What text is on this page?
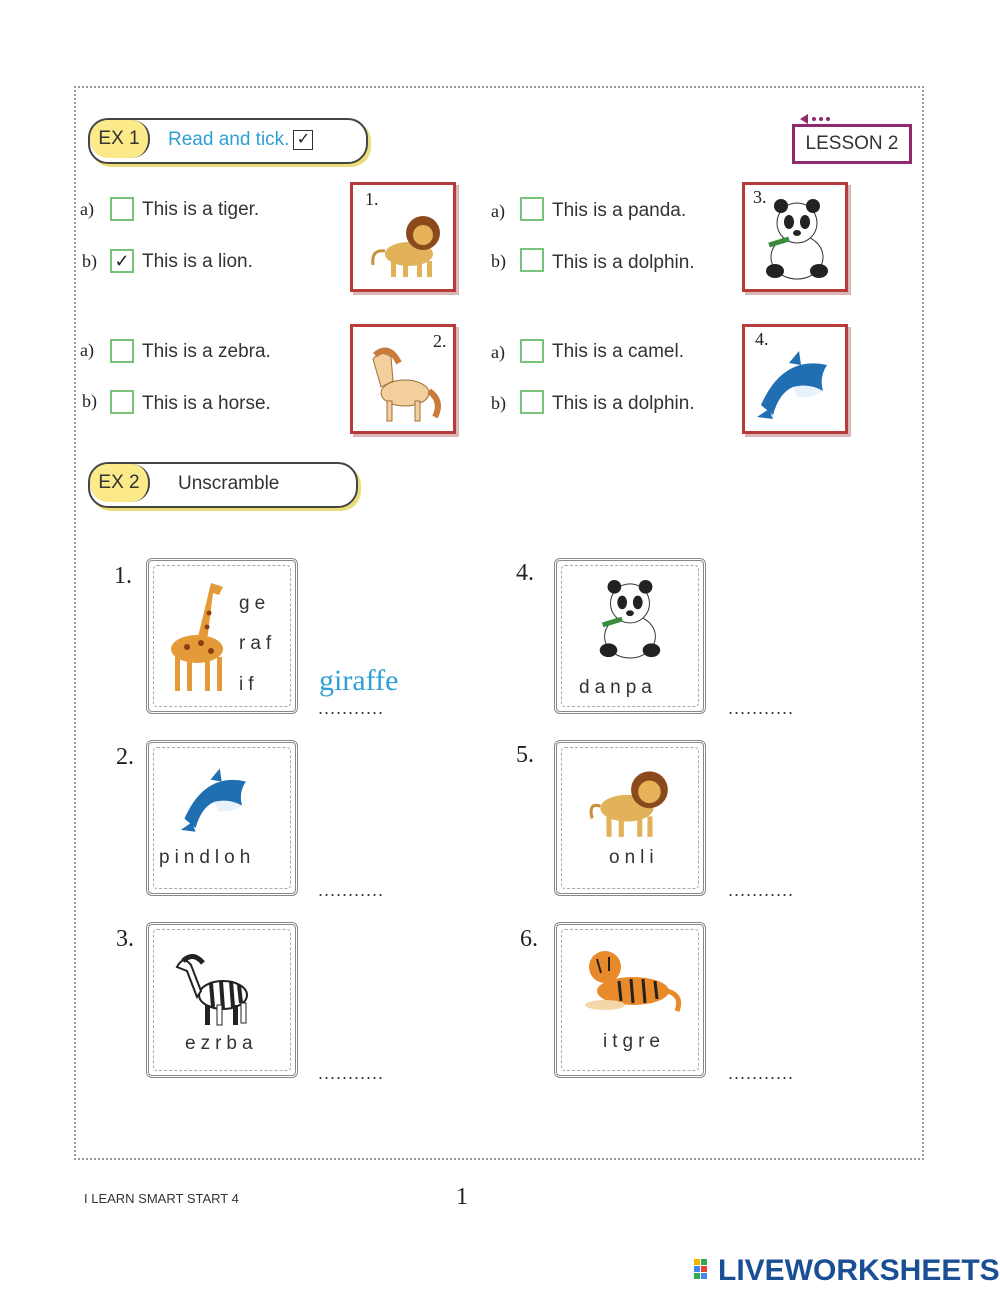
EX 1	Read and tick. ✓	LESSON 2
a)	This is a tiger.
b) ✓ This is a lion.
1.
a)	This is a zebra.
b) This is a horse.
2.
a) This is a panda.
b) This is a dolphin.
3.
a) This is a camel.
b) This is a dolphin.
4.
EX 2	Unscramble
1.
ge
raf
if giraffe
...........
2.
pindloh
...........
3.
ezrba
...........
4.
danpa
...........
5.
onli
...........
6.
itgre
...........
I LEARN SMART START 4	1
LIVEWORKSHEETS
